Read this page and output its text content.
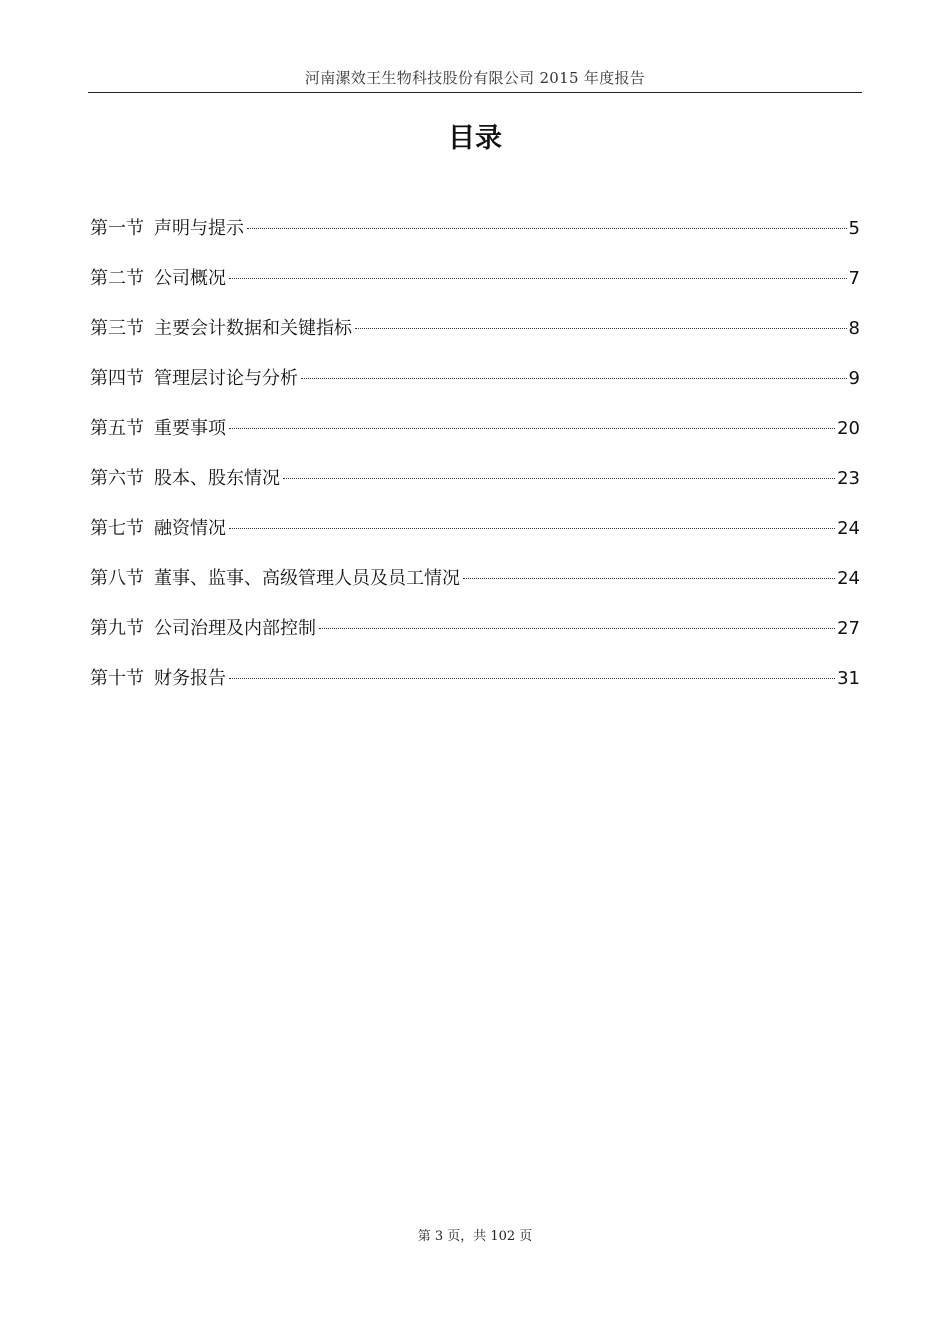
河南漯效王生物科技股份有限公司 2015 年度报告
目录
第一节 声明与提示	5
第二节 公司概况	7
第三节 主要会计数据和关键指标	8
第四节 管理层讨论与分析	9
第五节 重要事项	20
第六节 股本、股东情况	23
第七节 融资情况	24
第八节 董事、监事、高级管理人员及员工情况	24
第九节 公司治理及内部控制	27
第十节 财务报告	31
第 3 页，共 102 页
